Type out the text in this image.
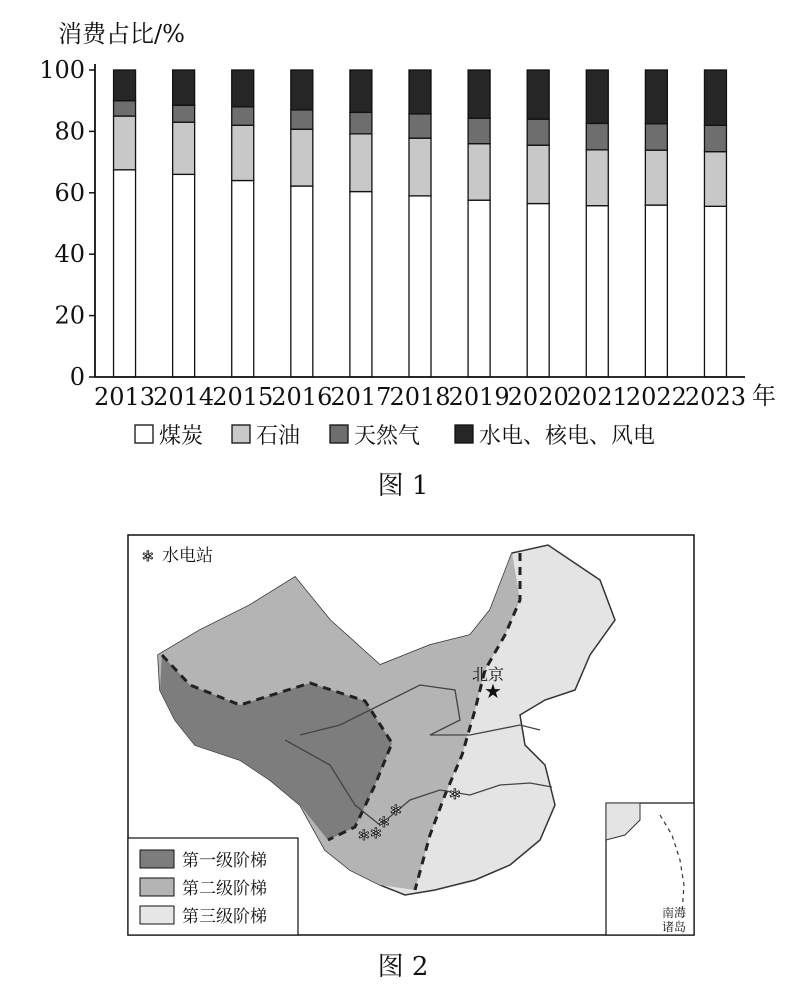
消费占比/%
0
20
40
60
80
100
2013
2014
2015
2016
2017
2018
2019
2020
2021
2022
2023 年
煤炭 石油 天然气	水电、核电、风电
图 1
★
北京
✲ ✲
✲
✲
✲
✲ 水电站
南海诸岛
第一级阶梯
第二级阶梯
第三级阶梯
图 2
